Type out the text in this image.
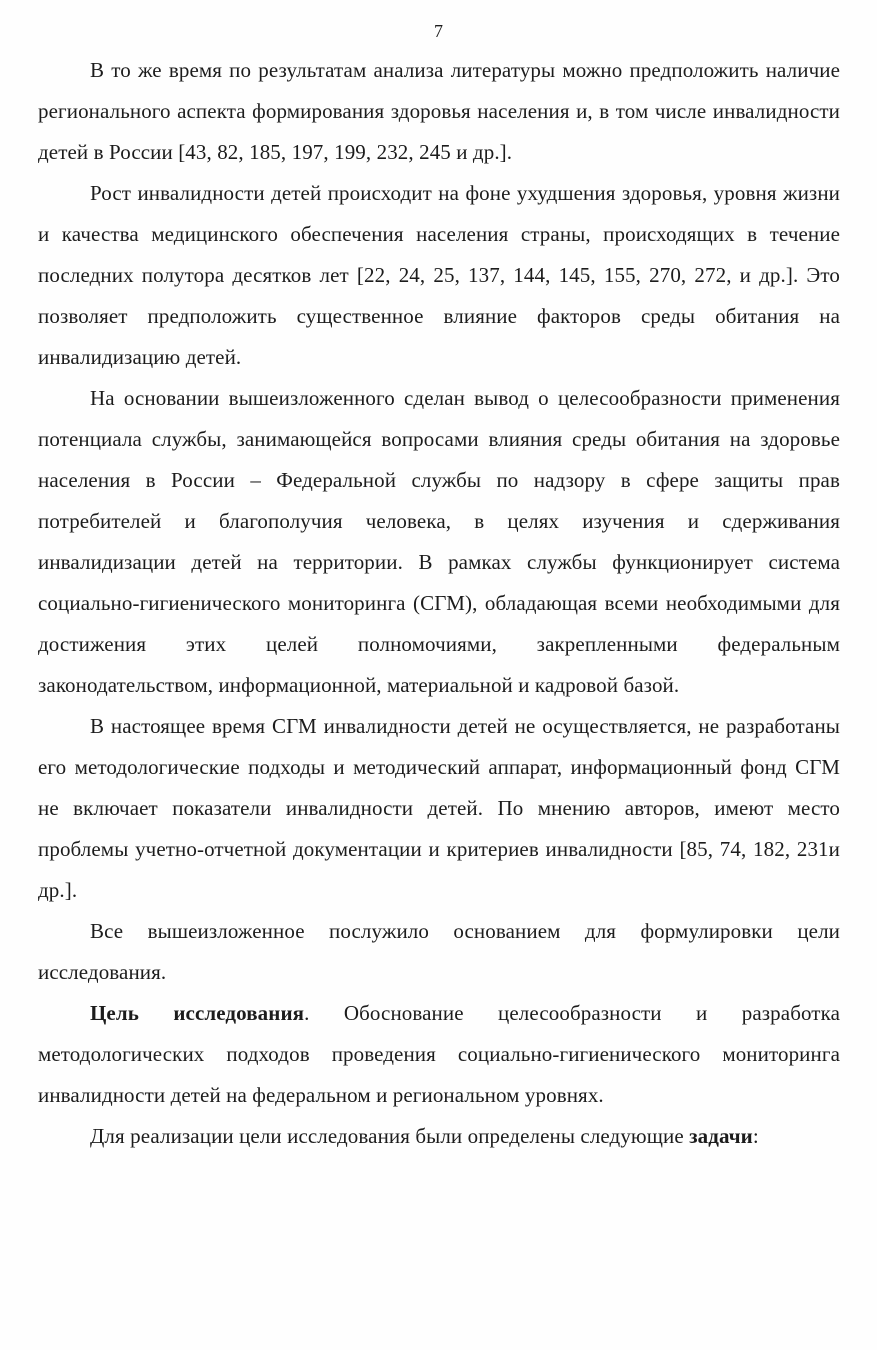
7

В то же время по результатам анализа литературы можно предположить наличие регионального аспекта формирования здоровья населения и, в том числе инвалидности детей в России [43, 82, 185, 197, 199, 232, 245 и др.].

Рост инвалидности детей происходит на фоне ухудшения здоровья, уровня жизни и качества медицинского обеспечения населения страны, происходящих в течение последних полутора десятков лет [22, 24, 25, 137, 144, 145, 155, 270, 272, и др.]. Это позволяет предположить существенное влияние факторов среды обитания на инвалидизацию детей.

На основании вышеизложенного сделан вывод о целесообразности применения потенциала службы, занимающейся вопросами влияния среды обитания на здоровье населения в России – Федеральной службы по надзору в сфере защиты прав потребителей и благополучия человека, в целях изучения и сдерживания инвалидизации детей на территории. В рамках службы функционирует система социально-гигиенического мониторинга (СГМ), обладающая всеми необходимыми для достижения этих целей полномочиями, закрепленными федеральным законодательством, информационной, материальной и кадровой базой.

В настоящее время СГМ инвалидности детей не осуществляется, не разработаны его методологические подходы и методический аппарат, информационный фонд СГМ не включает показатели инвалидности детей. По мнению авторов, имеют место проблемы учетно-отчетной документации и критериев инвалидности [85, 74, 182, 231и др.].

Все вышеизложенное послужило основанием для формулировки цели исследования.

Цель исследования. Обоснование целесообразности и разработка методологических подходов проведения социально-гигиенического мониторинга инвалидности детей на федеральном и региональном уровнях.

Для реализации цели исследования были определены следующие задачи:
